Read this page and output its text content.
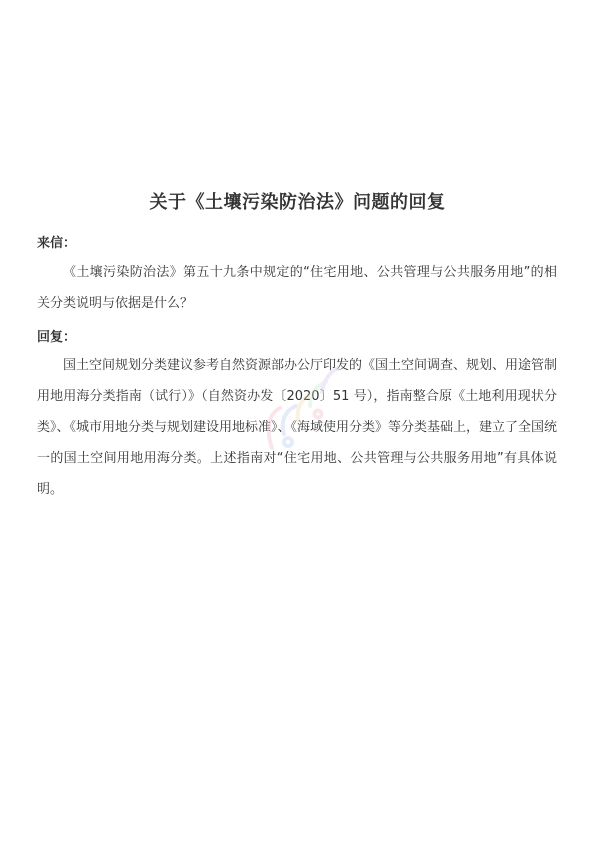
关于《土壤污染防治法》问题的回复
来信：
《土壤污染防治法》第五十九条中规定的“住宅用地、公共管理与公共服务用地”的相关分类说明与依据是什么？
回复：
国土空间规划分类建议参考自然资源部办公厅印发的《国土空间调查、规划、用途管制用地用海分类指南（试行）》（自然资办发〔2020〕51 号），指南整合原《土地利用现状分类》、《城市用地分类与规划建设用地标准》、《海域使用分类》等分类基础上，建立了全国统一的国土空间用地用海分类。上述指南对“住宅用地、公共管理与公共服务用地”有具体说明。
